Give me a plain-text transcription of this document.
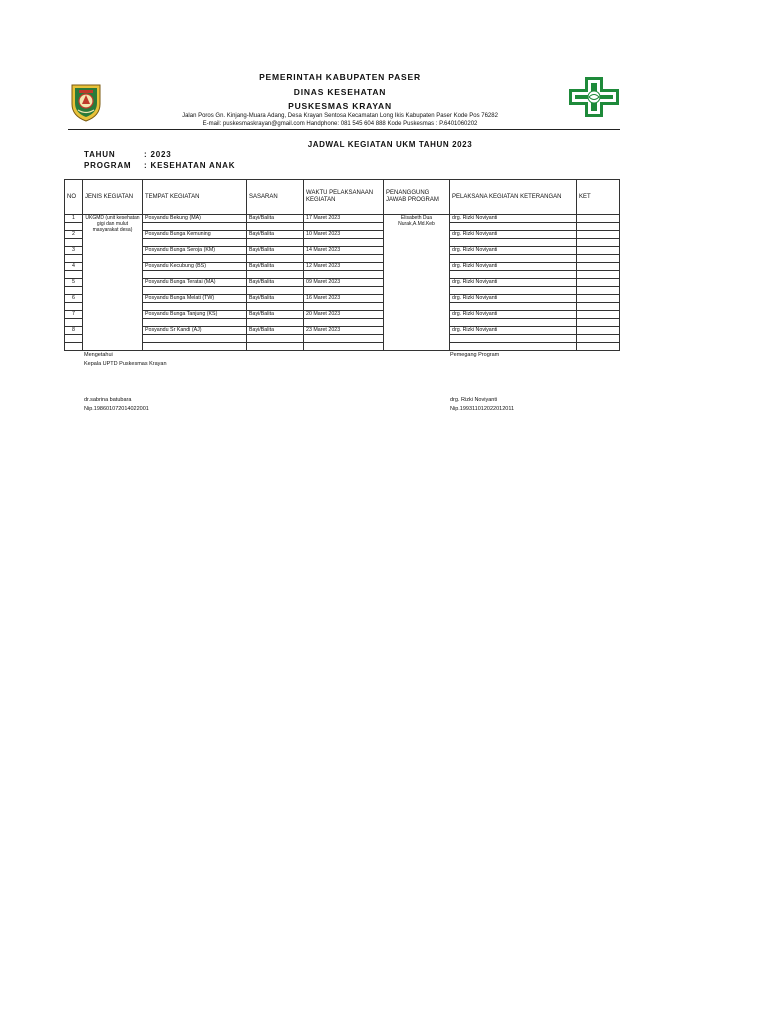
PEMERINTAH KABUPATEN PASER
DINAS KESEHATAN
PUSKESMAS KRAYAN
Jalan Poros Gn. Kinjang-Muara Adang, Desa Krayan Sentosa Kecamatan Long Ikis Kabupaten Paser Kode Pos 76282
E-mail: puskesmaskrayan@gmail.com Handphone: 081 545 604 888 Kode Puskesmas : P.6401060202
JADWAL KEGIATAN UKM TAHUN 2023
TAHUN	: 2023
PROGRAM : KESEHATAN ANAK
NO	JENIS KEGIATAN	TEMPAT KEGIATAN	SASARAN	WAKTU PELAKSANAAN KEGIATAN	PENANGGUNG JAWAB PROGRAM	PELAKSANA KEGIATAN KETERANGAN	KET
1	UKGMD (unit kesehatan gigi dan mulut masyarakat desa)	Posyandu Bekung (MA)	Bayi/Balita	17 Maret 2023	Elisabeth Dua Nurak,A.Md.Keb	drg. Rizki Noviyanti	

2		Posyandu Bunga Kemuning	Bayi/Balita	10 Maret 2023		drg. Rizki Noviyanti	

3		Posyandu Bunga Seroja (KM)	Bayi/Balita	14 Maret 2023		drg. Rizki Noviyanti	

4		Posyandu Kecubung (BS)	Bayi/Balita	12 Maret 2023		drg. Rizki Noviyanti	

5		Posyandu Bunga Teratai (MA)	Bayi/Balita	09 Maret 2023		drg. Rizki Noviyanti	

6		Posyandu Bunga Melati (TW)	Bayi/Balita	16 Maret 2023		drg. Rizki Noviyanti	

7		Posyandu Bunga Tanjung (KS)	Bayi/Balita	20 Maret 2023		drg. Rizki Noviyanti	

8		Posyandu Sr Kandi (AJ)	Bayi/Balita	23 Maret 2023		drg. Rizki Noviyanti	

Mengetahui
Kepala UPTD Puskesmas Krayan
Pemegang Program
dr.sabrina batubara
Nip.198601072014022001
drg. Rizki Noviyanti
Nip.199311012022012011
